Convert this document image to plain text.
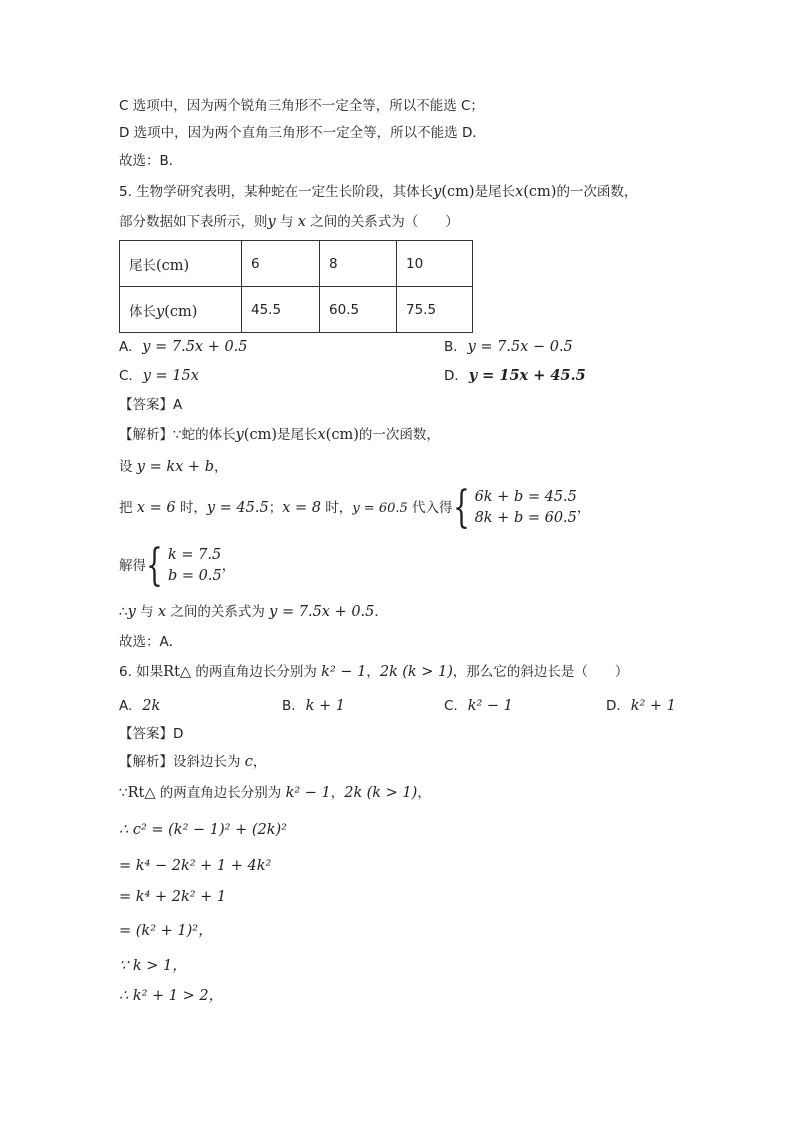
C 选项中，因为两个锐角三角形不一定全等，所以不能选 C；
D 选项中，因为两个直角三角形不一定全等，所以不能选 D．
故选：B．
5. 生物学研究表明，某种蛇在一定生长阶段，其体长y(cm)是尾长x(cm)的一次函数，
部分数据如下表所示，则y 与 x 之间的关系式为（　　）
尾长(cm)	6	8	10
体长y(cm)	45.5	60.5	75.5
A. y = 7.5x + 0.5	B. y = 7.5x − 0.5
C. y = 15x	D. y = 15x + 45.5
【答案】A
【解析】∵蛇的体长y(cm)是尾长x(cm)的一次函数，
设 y = kx + b，
把 x = 6 时，y = 45.5；x = 8 时，y = 60.5 代入得{ 6k + b = 45.5
8k + b = 60.5
，
解得{ k = 7.5
b = 0.5
，
∴y 与 x 之间的关系式为 y = 7.5x + 0.5．
故选：A．
6. 如果Rt△ 的两直角边长分别为 k² − 1，2k (k > 1)，那么它的斜边长是（　　）
A. 2k	B. k + 1	C. k² − 1	D. k² + 1
【答案】D
【解析】设斜边长为 c，
∵Rt△ 的两直角边长分别为 k² − 1，2k (k > 1)，
∴ c² = (k² − 1)² + (2k)²
= k⁴ − 2k² + 1 + 4k²
= k⁴ + 2k² + 1
= (k² + 1)²，
∵ k > 1，
∴ k² + 1 > 2，
